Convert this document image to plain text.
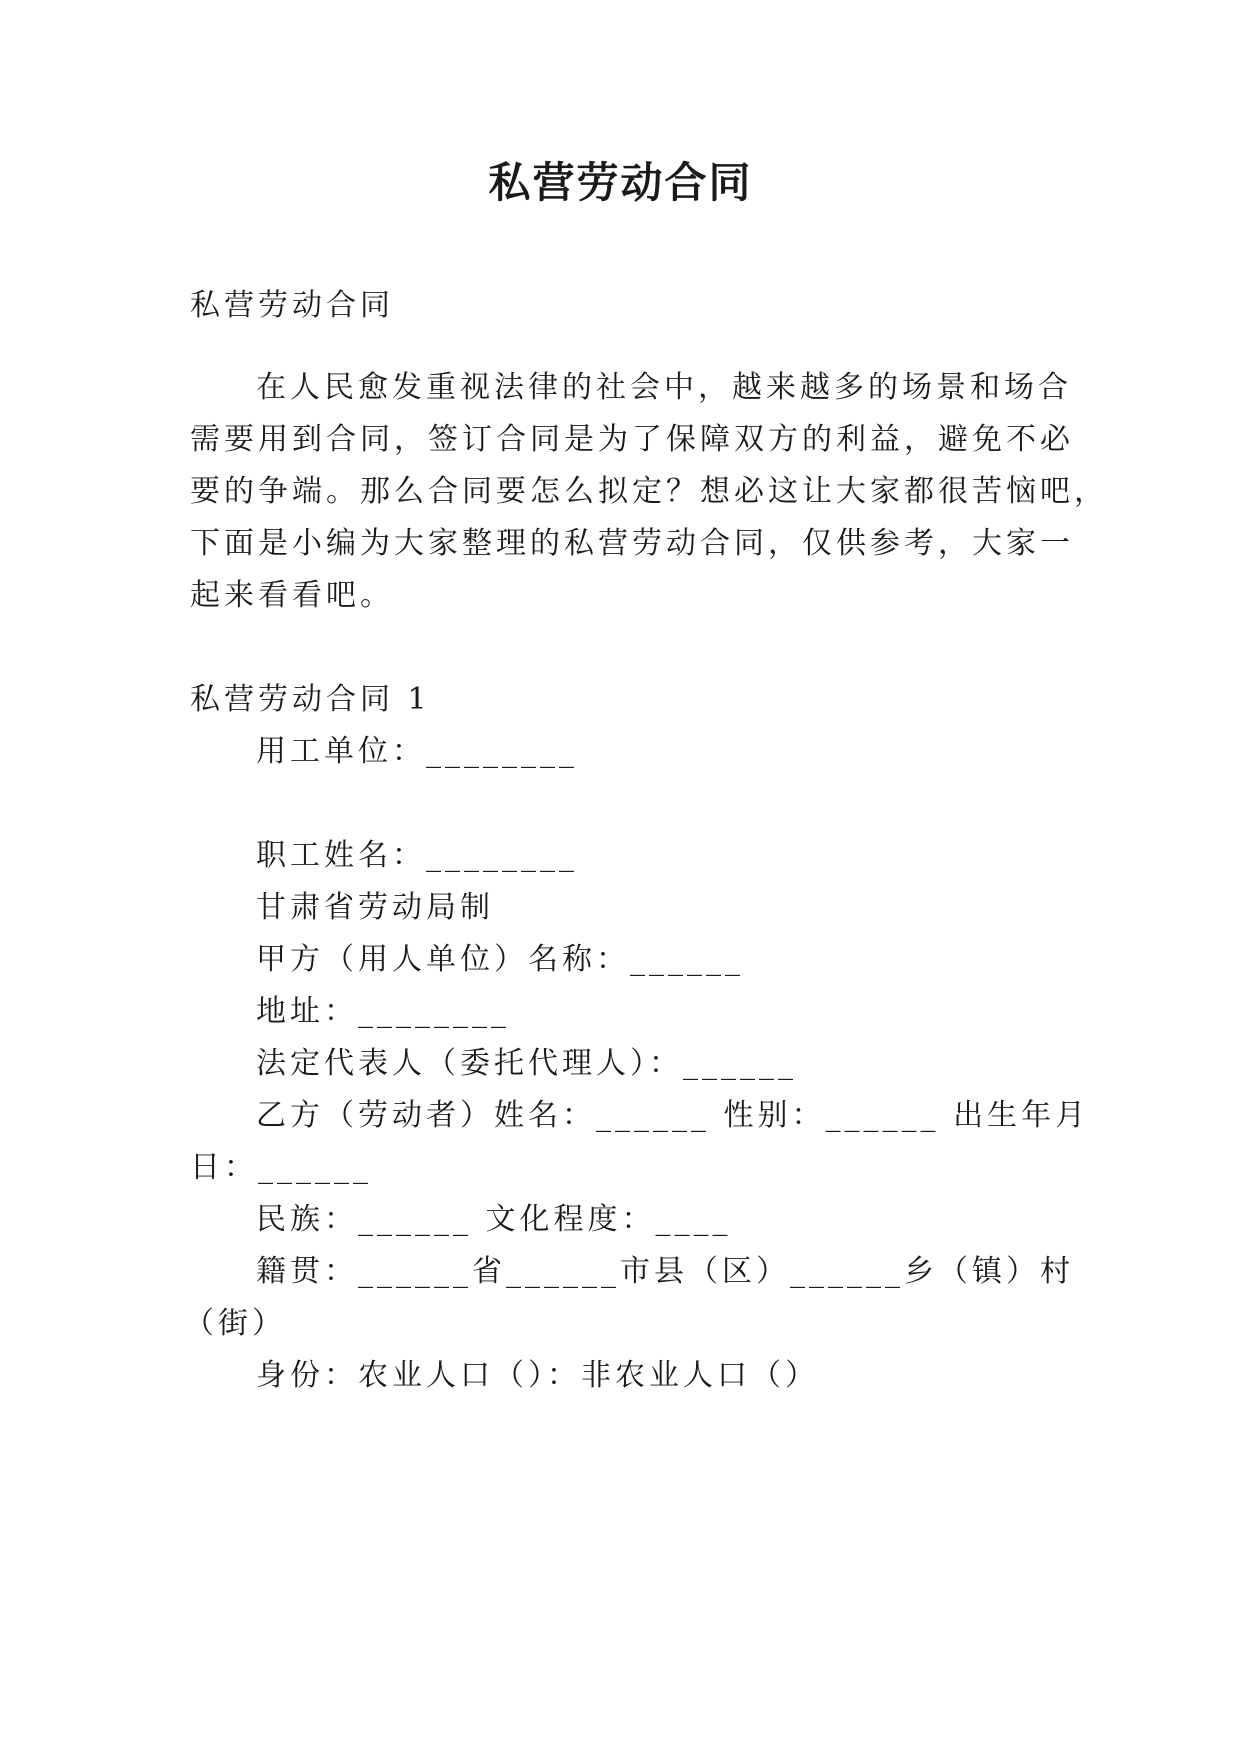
私营劳动合同
私营劳动合同
在人民愈发重视法律的社会中，越来越多的场景和场合
需要用到合同，签订合同是为了保障双方的利益，避免不必
要的争端。那么合同要怎么拟定？想必这让大家都很苦恼吧，
下面是小编为大家整理的私营劳动合同，仅供参考，大家一
起来看看吧。
私营劳动合同 1
用工单位：________
职工姓名：________
甘肃省劳动局制
甲方（用人单位）名称：______
地址：________
法定代表人（委托代理人）：______
乙方（劳动者）姓名：______ 性别：______ 出生年月
日：______
民族：______ 文化程度：____
籍贯：______省______市县（区）______乡（镇）村
（街）
身份：农业人口（）：非农业人口（）
